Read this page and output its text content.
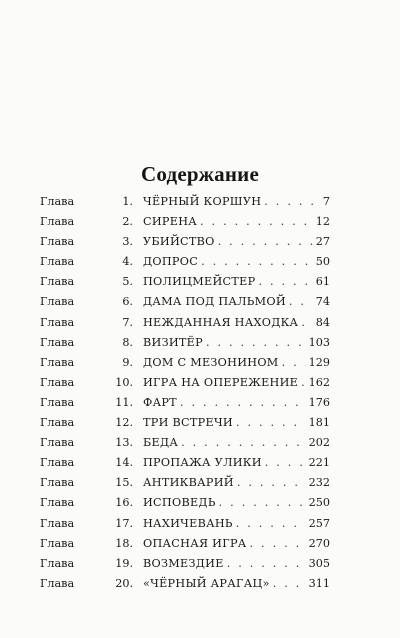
Содержание
Глава	1. ЧЁРНЫЙ КОРШУН . . .	7
Глава	2. СИРЕНА . . .	12
Глава	3. УБИЙСТВО . . .	27
Глава	4. ДОПРОС . . .	50
Глава	5. ПОЛИЦМЕЙСТЕР . . .	61
Глава	6. ДАМА ПОД ПАЛЬМОЙ . . .	74
Глава	7. НЕЖДАННАЯ НАХОДКА . . . 84
Глава	8. ВИЗИТЁР . . .	103
Глава	9. ДОМ С МЕЗОНИНОМ . . .	129
Глава	10. ИГРА НА ОПЕРЕЖЕНИЕ . . . 162
Глава	11. ФАРТ . . .	176
Глава	12. ТРИ ВСТРЕЧИ . . .	181
Глава	13. БЕДА . . .	202
Глава	14. ПРОПАЖА УЛИКИ . . .	221
Глава	15. АНТИКВАРИЙ . . .	232
Глава	16. ИСПОВЕДЬ . . .	250
Глава	17. НАХИЧЕВАНЬ . . .	257
Глава	18. ОПАСНАЯ ИГРА . . .	270
Глава	19. ВОЗМЕЗДИЕ . . .	305
Глава	20. «ЧЁРНЫЙ АРАГАЦ» . . .	311
